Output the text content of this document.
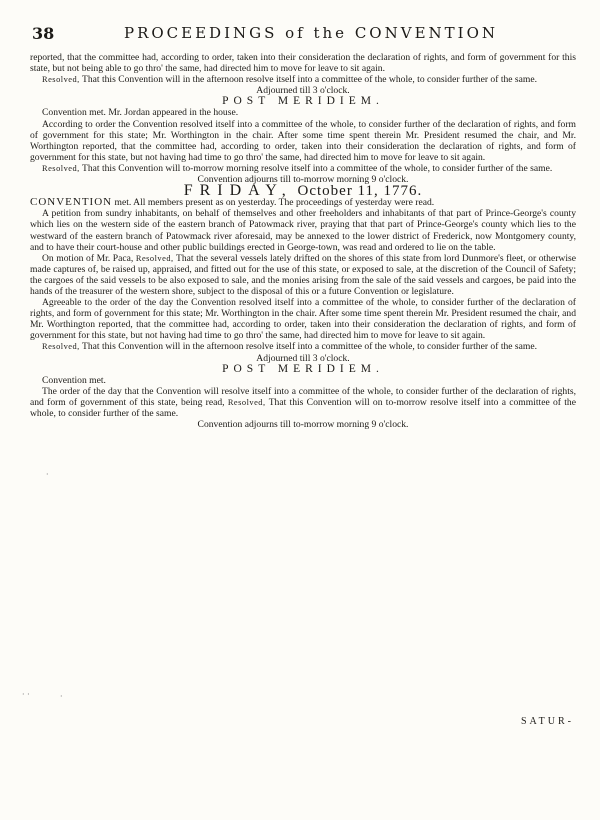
38	PROCEEDINGS of the CONVENTION

reported, that the committee had, according to order, taken into their consideration the declaration of rights, and form of government for this state, but not being able to go thro' the same, had directed him to move for leave to sit again.

Resolved, That this Convention will in the afternoon resolve itself into a committee of the whole, to consider further of the same.

Adjourned till 3 o'clock.

POST MERIDIEM.

Convention met. Mr. Jordan appeared in the house.

According to order the Convention resolved itself into a committee of the whole, to consider further of the declaration of rights, and form of government for this state; Mr. Worthington in the chair. After some time spent therein Mr. President resumed the chair, and Mr. Worthington reported, that the committee had, according to order, taken into their consideration the declaration of rights, and form of government for this state, but not having had time to go thro' the same, had directed him to move for leave to sit again.

Resolved, That this Convention will to-morrow morning resolve itself into a committee of the whole, to consider further of the same.

Convention adjourns till to-morrow morning 9 o'clock.

FRIDAY, October 11, 1776.

CONVENTION met. All members present as on yesterday. The proceedings of yesterday were read.

A petition from sundry inhabitants, on behalf of themselves and other freeholders and inhabitants of that part of Prince-George's county which lies on the western side of the eastern branch of Patowmack river, praying that that part of Prince-George's county which lies to the westward of the eastern branch of Patowmack river aforesaid, may be annexed to the lower district of Frederick, now Montgomery county, and to have their court-house and other public buildings erected in George-town, was read and ordered to lie on the table.

On motion of Mr. Paca, Resolved, That the several vessels lately drifted on the shores of this state from lord Dunmore's fleet, or otherwise made captures of, be raised up, appraised, and fitted out for the use of this state, or exposed to sale, at the discretion of the Council of Safety; the cargoes of the said vessels to be also exposed to sale, and the monies arising from the sale of the said vessels and cargoes, be paid into the hands of the treasurer of the western shore, subject to the disposal of this or a future Convention or legislature.

Agreeable to the order of the day the Convention resolved itself into a committee of the whole, to consider further of the declaration of rights, and form of government for this state; Mr. Worthington in the chair. After some time spent therein Mr. President resumed the chair, and Mr. Worthington reported, that the committee had, according to order, taken into their consideration the declaration of rights, and form of government for this state, but not having had time to go thro' the same, had directed him to move for leave to sit again.

Resolved, That this Convention will in the afternoon resolve itself into a committee of the whole, to consider further of the same.

Adjourned till 3 o'clock.

POST MERIDIEM.

Convention met.

The order of the day that the Convention will resolve itself into a committee of the whole, to consider further of the declaration of rights, and form of government of this state, being read, Resolved, That this Convention will on to-morrow resolve itself into a committee of the whole, to consider further of the same.

Convention adjourns till to-morrow morning 9 o'clock.

SATUR-
·
· ·	·
